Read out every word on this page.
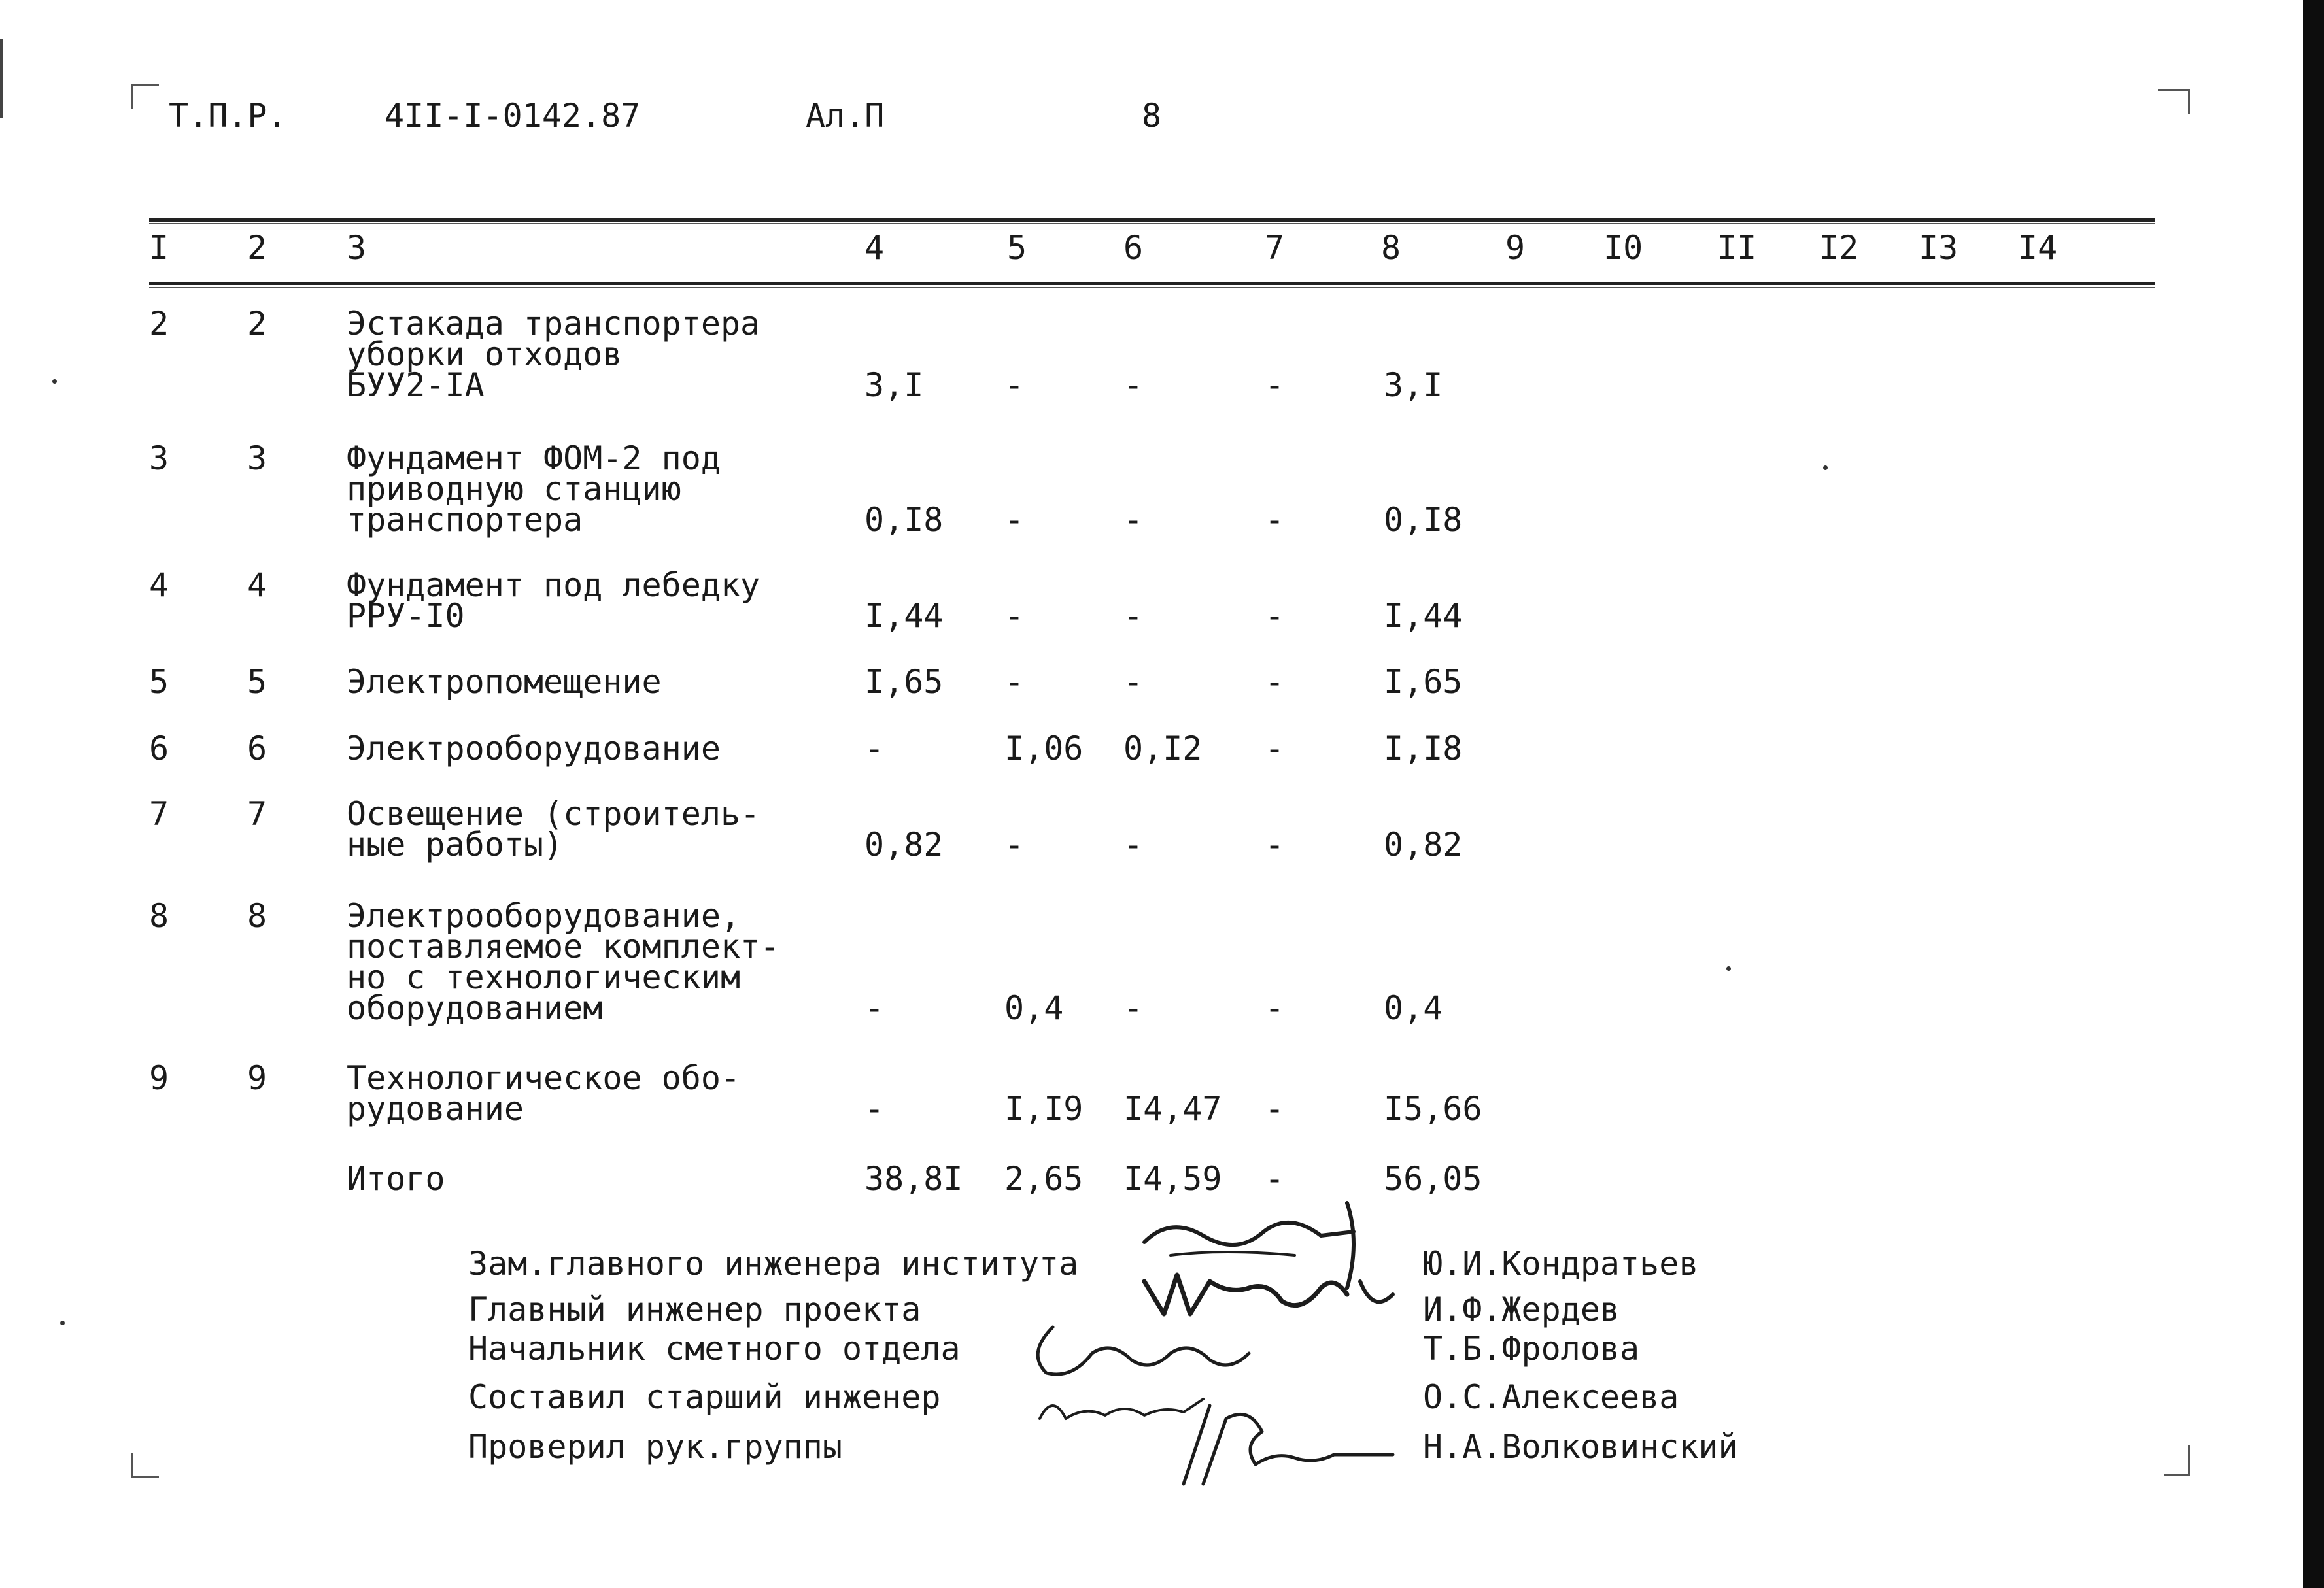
Т.П.Р.	4II-I-0142.87	Ал.П	8
I 2 3	4	5	6	7	8	9 I0 II I2 I3 I4
2 2 Эстакада транспортера
уборки отходов
БУУ2-IА	3,I -	-	-	3,I
3 3 Фундамент ФОМ-2 под
приводную станцию
транспортера	0,I8 -	-	-	0,I8
4 4 Фундамент под лебедку
РРУ-I0	I,44 -	-	-	I,44
5 5 Электропомещение	I,65 -	-	-	I,65
6 6 Электрооборудование	-	I,06 0,I2 -	I,I8
7 7 Освещение (строитель-
ные работы)	0,82 -	-	-	0,82
8 8 Электрооборудование,
поставляемое комплект-
но с технологическим
оборудованием	-	0,4 -	-	0,4
9 9 Технологическое обо-
рудование	-	I,I9 I4,47 -	I5,66
Итого	38,8I 2,65 I4,59 -	56,05
Зам.главного инженера института	Ю.И.Кондратьев
Главный инженер проекта	И.Ф.Жердев
Начальник сметного отдела	Т.Б.Фролова
Составил старший инженер	О.С.Алексеева
Проверил рук.группы	Н.А.Волковинский
